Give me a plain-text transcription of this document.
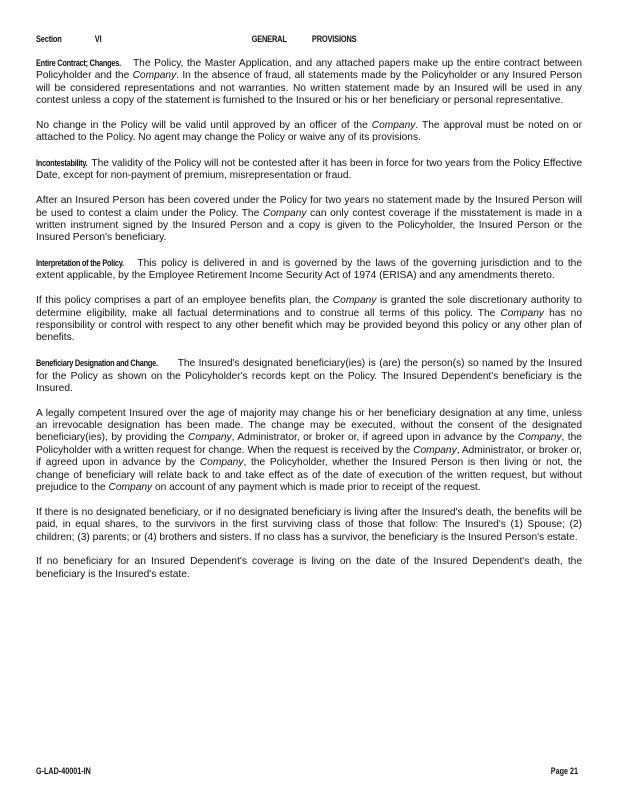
Section	VI	GENERAL PROVISIONS

Entire Contract; Changes. The Policy, the Master Application, and any attached papers make up the entire contract between Policyholder and the Company. In the absence of fraud, all statements made by the Policyholder or any Insured Person will be considered representations and not warranties. No written statement made by an Insured will be used in any contest unless a copy of the statement is furnished to the Insured or his or her beneficiary or personal representative.

No change in the Policy will be valid until approved by an officer of the Company. The approval must be noted on or attached to the Policy. No agent may change the Policy or waive any of its provisions.

Incontestability. The validity of the Policy will not be contested after it has been in force for two years from the Policy Effective Date, except for non-payment of premium, misrepresentation or fraud.

After an Insured Person has been covered under the Policy for two years no statement made by the Insured Person will be used to contest a claim under the Policy. The Company can only contest coverage if the misstatement is made in a written instrument signed by the Insured Person and a copy is given to the Policyholder, the Insured Person or the Insured Person's beneficiary.

Interpretation of the Policy. This policy is delivered in and is governed by the laws of the governing jurisdiction and to the extent applicable, by the Employee Retirement Income Security Act of 1974 (ERISA) and any amendments thereto.

If this policy comprises a part of an employee benefits plan, the Company is granted the sole discretionary authority to determine eligibility, make all factual determinations and to construe all terms of this policy. The Company has no responsibility or control with respect to any other benefit which may be provided beyond this policy or any other plan of benefits.

Beneficiary Designation and Change. The Insured's designated beneficiary(ies) is (are) the person(s) so named by the Insured for the Policy as shown on the Policyholder's records kept on the Policy. The Insured Dependent's beneficiary is the Insured.

A legally competent Insured over the age of majority may change his or her beneficiary designation at any time, unless an irrevocable designation has been made. The change may be executed, without the consent of the designated beneficiary(ies), by providing the Company, Administrator, or broker or, if agreed upon in advance by the Company, the Policyholder with a written request for change. When the request is received by the Company, Administrator, or broker or, if agreed upon in advance by the Company, the Policyholder, whether the Insured Person is then living or not, the change of beneficiary will relate back to and take effect as of the date of execution of the written request, but without prejudice to the Company on account of any payment which is made prior to receipt of the request.

If there is no designated beneficiary, or if no designated beneficiary is living after the Insured's death, the benefits will be paid, in equal shares, to the survivors in the first surviving class of those that follow: The Insured's (1) Spouse; (2) children; (3) parents; or (4) brothers and sisters. If no class has a survivor, the beneficiary is the Insured Person's estate.

If no beneficiary for an Insured Dependent's coverage is living on the date of the Insured Dependent's death, the beneficiary is the Insured's estate.

G-LAD-40001-IN	Page 21
